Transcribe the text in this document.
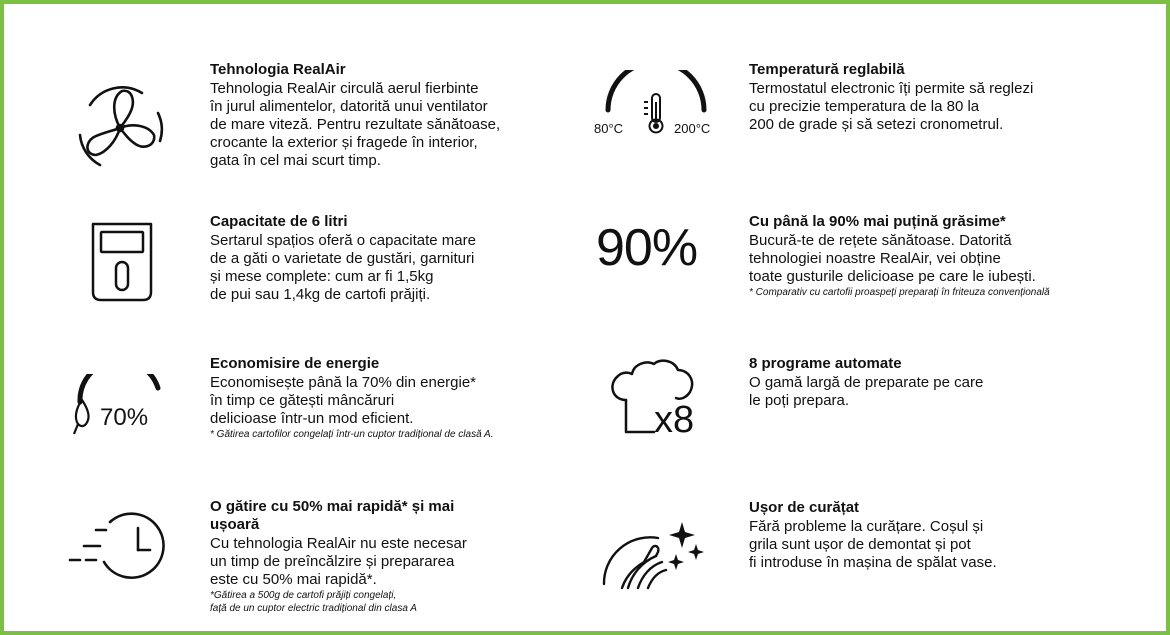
Tehnologia RealAir
Tehnologia RealAir circulă aerul fierbinte
în jurul alimentelor, datorită unui ventilator
de mare viteză. Pentru rezultate sănătoase,
crocante la exterior și fragede în interior,
gata în cel mai scurt timp.
80°C	200°C
Temperatură reglabilă
Termostatul electronic îți permite să reglezi
cu precizie temperatura de la 80 la
200 de grade și să setezi cronometrul.
Capacitate de 6 litri
Sertarul spațios oferă o capacitate mare
de a găti o varietate de gustări, garnituri
și mese complete: cum ar fi 1,5kg
de pui sau 1,4kg de cartofi prăjiți.
90%	Cu până la 90% mai puțină grăsime*
Bucură-te de rețete sănătoase. Datorită
tehnologiei noastre RealAir, vei obține
toate gusturile delicioase pe care le iubești.
* Comparativ cu cartofii proaspeți preparați în friteuza convențională
70%
Economisire de energie
Economisește până la 70% din energie*
în timp ce gătești mâncăruri
delicioase într-un mod eficient.
* Gătirea cartofilor congelați într-un cuptor tradițional de clasă A.	x8
8 programe automate
O gamă largă de preparate pe care
le poți prepara.
O gătire cu 50% mai rapidă* și mai ușoară
Cu tehnologia RealAir nu este necesar
un timp de preîncălzire și prepararea
este cu 50% mai rapidă*.
*Gătirea a 500g de cartofi prăjiți congelați,
față de un cuptor electric tradițional din clasa A
Ușor de curățat
Fără probleme la curățare. Coșul și
grila sunt ușor de demontat și pot
fi introduse în mașina de spălat vase.
